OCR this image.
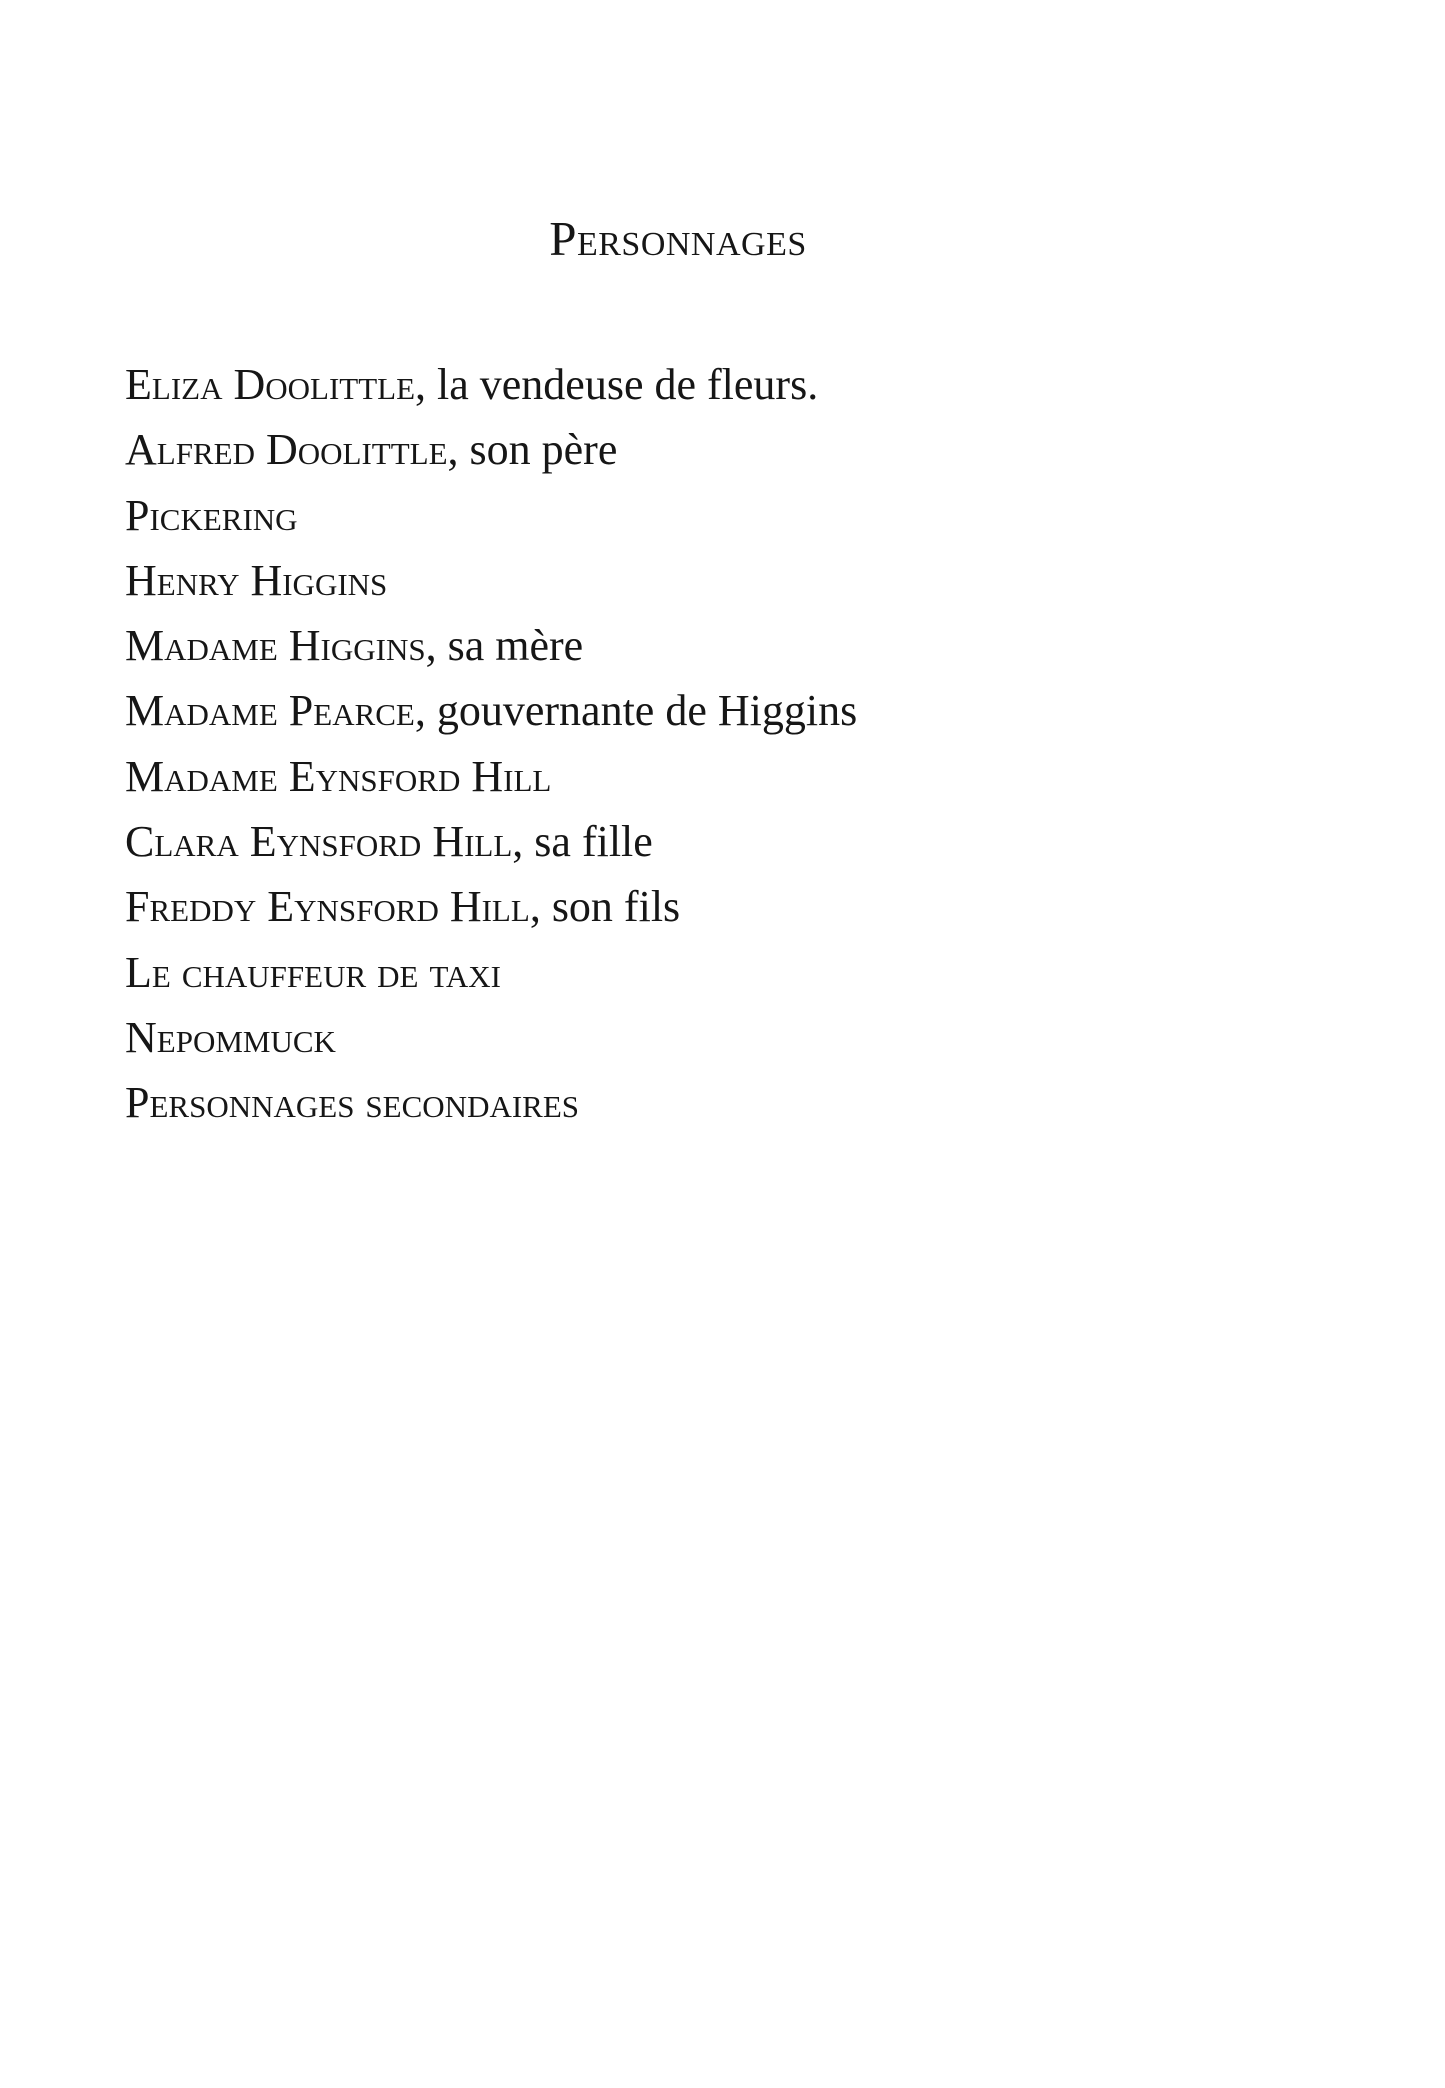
Personnages
Eliza Doolittle, la vendeuse de fleurs.
Alfred Doolittle, son père
Pickering
Henry Higgins
Madame Higgins, sa mère
Madame Pearce, gouvernante de Higgins
Madame Eynsford Hill
Clara Eynsford Hill, sa fille
Freddy Eynsford Hill, son fils
Le chauffeur de taxi
Nepommuck
Personnages secondaires
